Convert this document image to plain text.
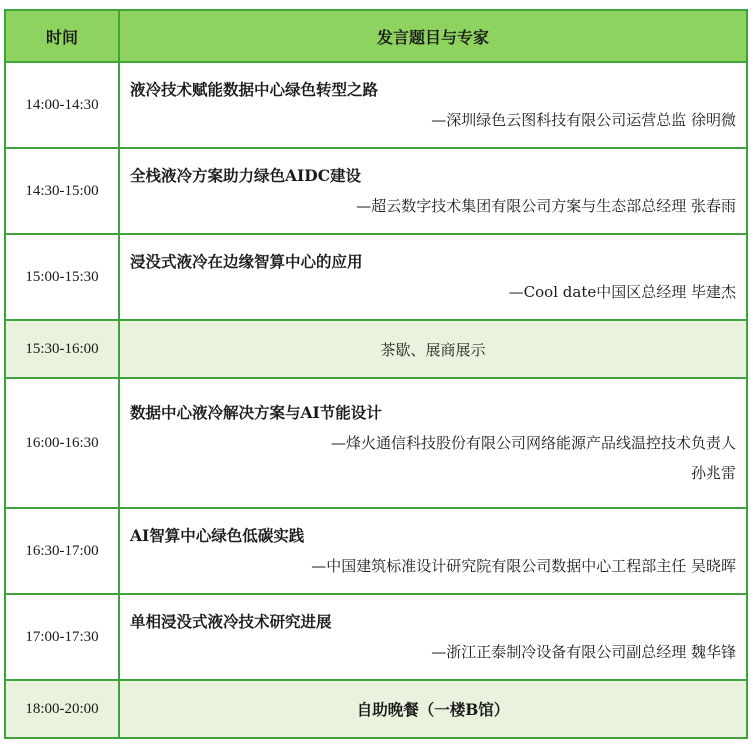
时间	发言题目与专家
14:00-14:30	液冷技术赋能数据中心绿色转型之路
—深圳绿色云图科技有限公司运营总监 徐明微

14:30-15:00	全栈液冷方案助力绿色AIDC建设
—超云数字技术集团有限公司方案与生态部总经理 张春雨

15:00-15:30	浸没式液冷在边缘智算中心的应用
—Cool date中国区总经理 毕建杰

15:30-16:00	茶歇、展商展示
16:00-16:30	数据中心液冷解决方案与AI节能设计
—烽火通信科技股份有限公司网络能源产品线温控技术负责人
孙兆雷

16:30-17:00	AI智算中心绿色低碳实践
—中国建筑标准设计研究院有限公司数据中心工程部主任 吴晓晖

17:00-17:30	单相浸没式液冷技术研究进展
—浙江正泰制冷设备有限公司副总经理 魏华锋

18:00-20:00	自助晚餐（一楼B馆）
